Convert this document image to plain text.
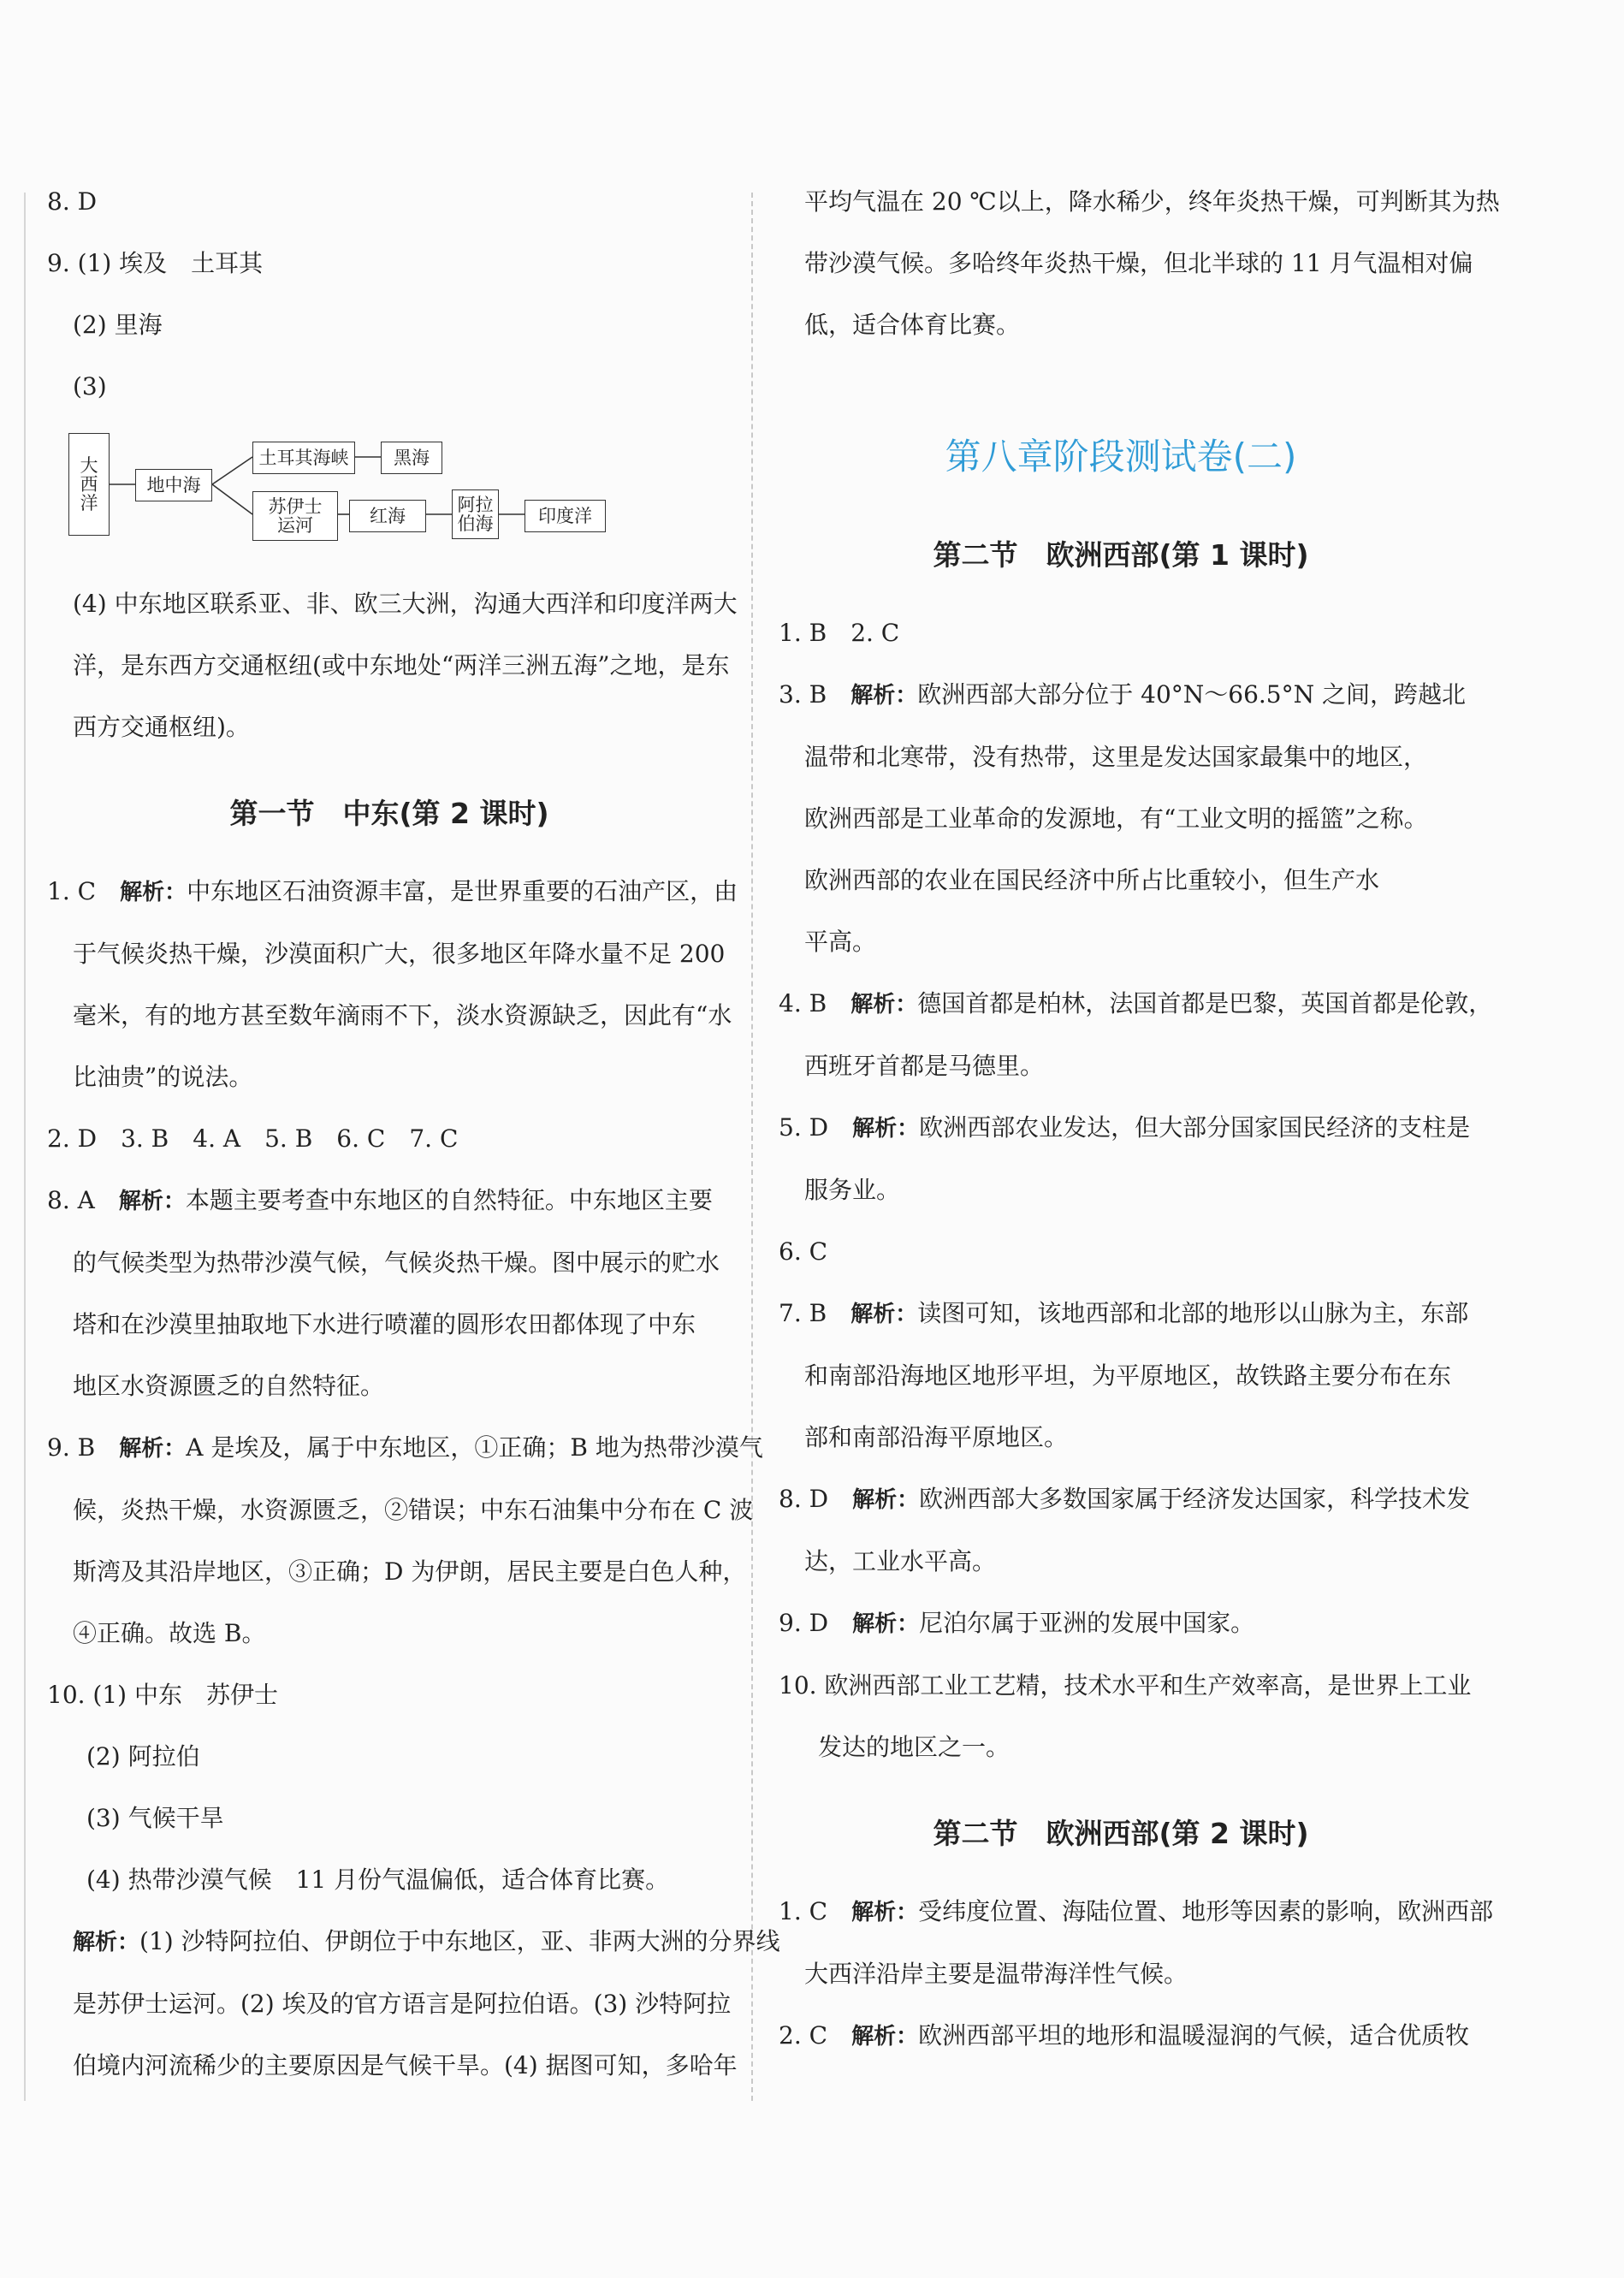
8. D

9. (1) 埃及　土耳其

(2) 里海

(3)

大西洋
地中海
土耳其海峡	黑海
苏伊士运河	红海
阿拉伯海	印度洋

(4) 中东地区联系亚、非、欧三大洲，沟通大西洋和印度洋两大

洋，是东西方交通枢纽(或中东地处“两洋三洲五海”之地，是东

西方交通枢纽)。

第一节　中东(第 2 课时)

1. C　 解析：中东地区石油资源丰富，是世界重要的石油产区，由

于气候炎热干燥，沙漠面积广大，很多地区年降水量不足 200

毫米，有的地方甚至数年滴雨不下，淡水资源缺乏，因此有“水

比油贵”的说法。

2. D　3. B　4. A　5. B　6. C　7. C

8. A　 解析：本题主要考查中东地区的自然特征。中东地区主要

的气候类型为热带沙漠气候，气候炎热干燥。图中展示的贮水

塔和在沙漠里抽取地下水进行喷灌的圆形农田都体现了中东

地区水资源匮乏的自然特征。

9. B　 解析：A 是埃及，属于中东地区，①正确；B 地为热带沙漠气

候，炎热干燥，水资源匮乏，②错误；中东石油集中分布在 C 波

斯湾及其沿岸地区，③正确；D 为伊朗，居民主要是白色人种，

④正确。故选 B。

10. (1) 中东　苏伊士

(2) 阿拉伯

(3) 气候干旱

(4) 热带沙漠气候　11 月份气温偏低，适合体育比赛。

解析：(1) 沙特阿拉伯、伊朗位于中东地区，亚、非两大洲的分界线

是苏伊士运河。(2) 埃及的官方语言是阿拉伯语。(3) 沙特阿拉

伯境内河流稀少的主要原因是气候干旱。(4) 据图可知，多哈年

平均气温在 20 ℃以上，降水稀少，终年炎热干燥，可判断其为热

带沙漠气候。多哈终年炎热干燥，但北半球的 11 月气温相对偏

低，适合体育比赛。

第八章阶段测试卷(二)
第二节　欧洲西部(第 1 课时)

1. B　2. C

3. B　 解析：欧洲西部大部分位于 40°N～66.5°N 之间，跨越北

温带和北寒带，没有热带，这里是发达国家最集中的地区，

欧洲西部是工业革命的发源地，有“工业文明的摇篮”之称。

欧洲西部的农业在国民经济中所占比重较小，但生产水

平高。

4. B　 解析：德国首都是柏林，法国首都是巴黎，英国首都是伦敦，

西班牙首都是马德里。

5. D　 解析：欧洲西部农业发达，但大部分国家国民经济的支柱是

服务业。

6. C

7. B　 解析：读图可知，该地西部和北部的地形以山脉为主，东部

和南部沿海地区地形平坦，为平原地区，故铁路主要分布在东

部和南部沿海平原地区。

8. D　 解析：欧洲西部大多数国家属于经济发达国家，科学技术发

达，工业水平高。

9. D　 解析：尼泊尔属于亚洲的发展中国家。

10. 欧洲西部工业工艺精，技术水平和生产效率高，是世界上工业

发达的地区之一。

第二节　欧洲西部(第 2 课时)

1. C　 解析：受纬度位置、海陆位置、地形等因素的影响，欧洲西部

大西洋沿岸主要是温带海洋性气候。

2. C　 解析：欧洲西部平坦的地形和温暖湿润的气候，适合优质牧
